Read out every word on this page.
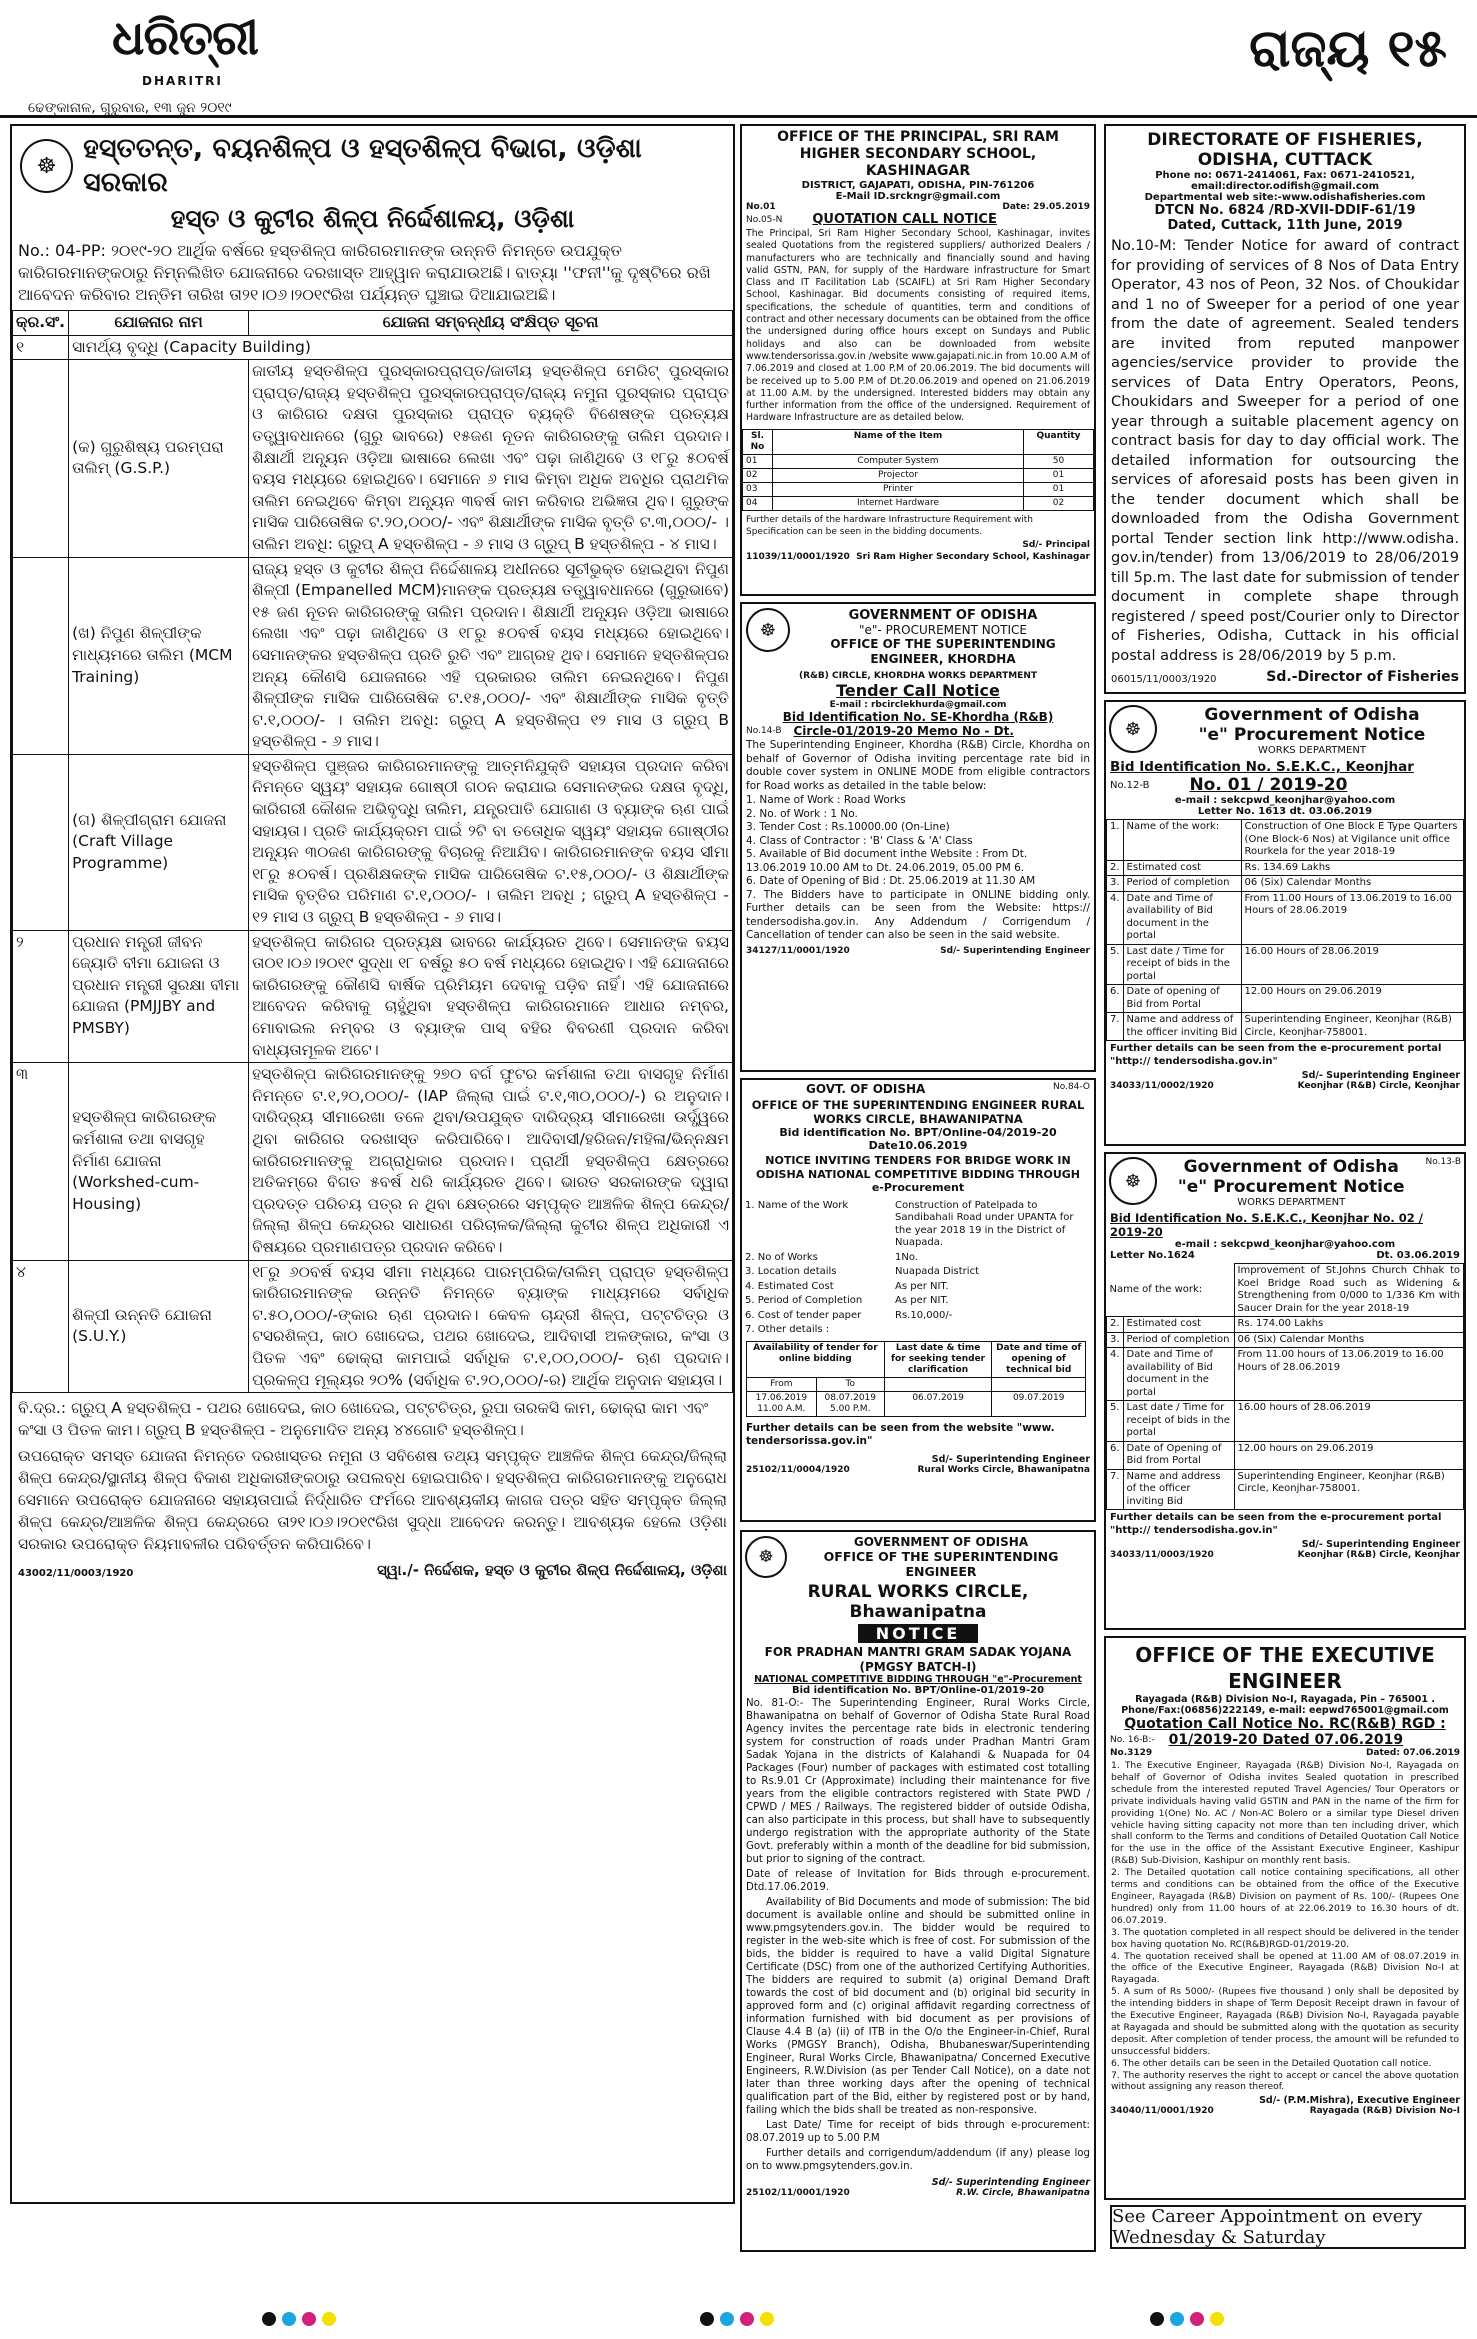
ଧରିତ୍ରୀ
DHARITRI
ଢେଙ୍କାନାଳ, ଗୁରୁବାର, ୧୩ ଜୁନ ୨୦୧୯
ରାଜ୍ୟ ୧୫
☸
ହସ୍ତତନ୍ତ, ବୟନଶିଳ୍ପ ଓ ହସ୍ତଶିଳ୍ପ ବିଭାଗ, ଓଡ଼ିଶା ସରକାର
ହସ୍ତ ଓ କୁଟୀର ଶିଳ୍ପ ନିର୍ଦ୍ଦେଶାଳୟ, ଓଡ଼ିଶା
No.: 04-PP: ୨୦୧୯-୨୦ ଆର୍ଥିକ ବର୍ଷରେ ହସ୍ତଶିଳ୍ପ କାରିଗରମାନଙ୍କ ଉନ୍ନତି ନିମନ୍ତେ ଉପଯୁକ୍ତ କାରିଗରମାନଙ୍କଠାରୁ ନିମ୍ନଲିଖିତ ଯୋଜନାରେ ଦରଖାସ୍ତ ଆହ୍ୱାନ କରାଯାଉଅଛି। ବାତ୍ୟା ''ଫନୀ''କୁ ଦୃଷ୍ଟିରେ ରଖି ଆବେଦନ କରିବାର ଅନ୍ତିମ ତାରିଖ ତା୨୧।୦୬।୨୦୧୯ରିଖ ପର୍ଯ୍ୟନ୍ତ ଘୁଞ୍ଚାଇ ଦିଆଯାଇଅଛି।
କ୍ର.ସଂ.	ଯୋଜନାର ନାମ	ଯୋଜନା ସମ୍ବନ୍ଧୀୟ ସଂକ୍ଷିପ୍ତ ସୂଚନା
୧	ସାମର୍ଥ୍ୟ ବୃଦ୍ଧି (Capacity Building)	
	(କ) ଗୁରୁଶିଷ୍ୟ ପରମ୍ପରା ତାଲିମ୍ (G.S.P.)	ଜାତୀୟ ହସ୍ତଶିଳ୍ପ ପୁରସ୍କାରପ୍ରାପ୍ତ/ଜାତୀୟ ହସ୍ତଶିଳ୍ପ ମେରିଟ୍ ପୁରସ୍କାର ପ୍ରାପ୍ତ/ରାଜ୍ୟ ହସ୍ତଶିଳ୍ପ ପୁରସ୍କାରପ୍ରାପ୍ତ/ରାଜ୍ୟ ନମୁନା ପୁରସ୍କାର ପ୍ରାପ୍ତ ଓ କାରିଗର ଦକ୍ଷତା ପୁରସ୍କାର ପ୍ରାପ୍ତ ବ୍ୟକ୍ତି ବିଶେଷଙ୍କ ପ୍ରତ୍ୟକ୍ଷ ତତ୍ତ୍ୱାବଧାନରେ (ଗୁରୁ ଭାବରେ) ୧୫ଜଣ ନୂତନ କାରିଗରଙ୍କୁ ତାଲିମ ପ୍ରଦାନ। ଶିକ୍ଷାର୍ଥୀ ଅନ୍ୟୂନ ଓଡ଼ିଆ ଭାଷାରେ ଲେଖା ଏବଂ ପଢ଼ା ଜାଣିଥିବେ ଓ ୧୮ରୁ ୫୦ବର୍ଷ ବୟସ ମଧ୍ୟରେ ହୋଇଥିବେ। ସେମାନେ ୬ ମାସ କିମ୍ବା ଅଧିକ ଅବଧିର ପ୍ରାଥମିକ ତାଲିମ ନେଇଥିବେ କିମ୍ବା ଅନ୍ୟୂନ ୩ବର୍ଷ କାମ କରିବାର ଅଭିଜ୍ଞତା ଥିବ। ଗୁରୁଙ୍କ ମାସିକ ପାରିତୋଷିକ ଟ.୨୦,୦୦୦/- ଏବଂ ଶିକ୍ଷାର୍ଥୀଙ୍କ ମାସିକ ବୃତ୍ତି ଟ.୩,୦୦୦/- । ତାଲିମ ଅବଧି: ଗ୍ରୁପ୍ A ହସ୍ତଶିଳ୍ପ - ୬ ମାସ ଓ ଗ୍ରୁପ୍ B ହସ୍ତଶିଳ୍ପ - ୪ ମାସ।
	(ଖ) ନିପୁଣ ଶିଳ୍ପୀଙ୍କ ମାଧ୍ୟମରେ ତାଲିମ (MCM Training)	ରାଜ୍ୟ ହସ୍ତ ଓ କୁଟୀର ଶିଳ୍ପ ନିର୍ଦ୍ଦେଶାଳୟ ଅଧୀନରେ ସୂଚୀଭୁକ୍ତ ହୋଇଥିବା ନିପୁଣ ଶିଳ୍ପୀ (Empanelled MCM)ମାନଙ୍କ ପ୍ରତ୍ୟକ୍ଷ ତତ୍ତ୍ୱାବଧାନରେ (ଗୁରୁଭାବେ) ୧୫ ଜଣ ନୂତନ କାରିଗରଙ୍କୁ ତାଲିମ ପ୍ରଦାନ। ଶିକ୍ଷାର୍ଥୀ ଅନ୍ୟୂନ ଓଡ଼ିଆ ଭାଷାରେ ଲେଖା ଏବଂ ପଢ଼ା ଜାଣିଥିବେ ଓ ୧୮ରୁ ୫୦ବର୍ଷ ବୟସ ମଧ୍ୟରେ ହୋଇଥିବେ। ସେମାନଙ୍କର ହସ୍ତଶିଳ୍ପ ପ୍ରତି ରୁଚି ଏବଂ ଆଗ୍ରହ ଥିବ। ସେମାନେ ହସ୍ତଶିଳ୍ପର ଅନ୍ୟ କୌଣସି ଯୋଜନାରେ ଏହି ପ୍ରକାରର ତାଲିମ ନେଇନଥିବେ। ନିପୁଣ ଶିଳ୍ପୀଙ୍କ ମାସିକ ପାରିତୋଷିକ ଟ.୧୫,୦୦୦/- ଏବଂ ଶିକ୍ଷାର୍ଥୀଙ୍କ ମାସିକ ବୃତ୍ତି ଟ.୧,୦୦୦/- । ତାଲିମ ଅବଧି: ଗ୍ରୁପ୍ A ହସ୍ତଶିଳ୍ପ ୧୨ ମାସ ଓ ଗ୍ରୁପ୍ B ହସ୍ତଶିଳ୍ପ - ୬ ମାସ।
	(ଗ) ଶିଳ୍ପୀଗ୍ରାମ ଯୋଜନା (Craft Village Programme)	ହସ୍ତଶିଳ୍ପ ପୁଞ୍ଜର କାରିଗରମାନଙ୍କୁ ଆତ୍ମନିଯୁକ୍ତି ସହାୟତା ପ୍ରଦାନ କରିବା ନିମନ୍ତେ ସ୍ୱୟଂ ସହାୟକ ଗୋଷ୍ଠୀ ଗଠନ କରାଯାଇ ସେମାନଙ୍କର ଦକ୍ଷତା ବୃଦ୍ଧି, କାରିଗରୀ କୌଶଳ ଅଭିବୃଦ୍ଧି ତାଲିମ, ଯନ୍ତ୍ରପାତି ଯୋଗାଣ ଓ ବ୍ୟାଙ୍କ ଋଣ ପାଇଁ ସହାୟତା। ପ୍ରତି କାର୍ଯ୍ୟକ୍ରମ ପାଇଁ ୨ଟି ବା ତତୋଧିକ ସ୍ୱୟଂ ସହାୟକ ଗୋଷ୍ଠୀର ଅନ୍ୟୂନ ୩୦ଜଣ କାରିଗରଙ୍କୁ ବିଚାରକୁ ନିଆଯିବ। କାରିଗରମାନଙ୍କ ବୟସ ସୀମା ୧୮ରୁ ୫୦ବର୍ଷ। ପ୍ରଶିକ୍ଷକଙ୍କ ମାସିକ ପାରିତୋଷିକ ଟ.୧୫,୦୦୦/- ଓ ଶିକ୍ଷାର୍ଥୀଙ୍କ ମାସିକ ବୃତ୍ତିର ପରିମାଣ ଟ.୧,୦୦୦/- । ତାଲିମ ଅବଧି ; ଗ୍ରୁପ୍ A ହସ୍ତଶିଳ୍ପ - ୧୨ ମାସ ଓ ଗ୍ରୁପ୍ B ହସ୍ତଶିଳ୍ପ - ୬ ମାସ।
୨	ପ୍ରଧାନ ମନ୍ତ୍ରୀ ଜୀବନ ଜ୍ୟୋତି ବୀମା ଯୋଜନା ଓ ପ୍ରଧାନ ମନ୍ତ୍ରୀ ସୁରକ୍ଷା ବୀମା ଯୋଜନା (PMJJBY and PMSBY)	ହସ୍ତଶିଳ୍ପ କାରିଗର ପ୍ରତ୍ୟକ୍ଷ ଭାବରେ କାର୍ଯ୍ୟରତ ଥିବେ। ସେମାନଙ୍କ ବୟସ ତା୦୧।୦୬।୨୦୧୯ ସୁଦ୍ଧା ୧୮ ବର୍ଷରୁ ୫୦ ବର୍ଷ ମଧ୍ୟରେ ହୋଇଥିବ। ଏହି ଯୋଜନାରେ କାରିଗରଙ୍କୁ କୌଣସି ବାର୍ଷିକ ପ୍ରିମିୟମ ଦେବାକୁ ପଡ଼ିବ ନାହିଁ। ଏହି ଯୋଜନାରେ ଆବେଦନ କରିବାକୁ ଚାହୁଁଥିବା ହସ୍ତଶିଳ୍ପ କାରିଗରମାନେ ଆଧାର ନମ୍ବର, ମୋବାଇଲ ନମ୍ବର ଓ ବ୍ୟାଙ୍କ ପାସ୍ ବହିର ବିବରଣୀ ପ୍ରଦାନ କରିବା ବାଧ୍ୟତାମୂଳକ ଅଟେ।
୩	ହସ୍ତଶିଳ୍ପ କାରିଗରଙ୍କ କର୍ମଶାଳା ତଥା ବାସଗୃହ ନିର୍ମାଣ ଯୋଜନା (Workshed-cum-Housing)	ହସ୍ତଶିଳ୍ପ କାରିଗରମାନଙ୍କୁ ୨୭୦ ବର୍ଗ ଫୁଟର କର୍ମଶାଳା ତଥା ବାସଗୃହ ନିର୍ମାଣ ନିମନ୍ତେ ଟ.୧,୨୦,୦୦୦/- (IAP ଜିଲ୍ଲା ପାଇଁ ଟ.୧,୩୦,୦୦୦/-) ର ଅନୁଦାନ। ଦାରିଦ୍ର୍ୟ ସୀମାରେଖା ତଳେ ଥିବା/ଉପଯୁକ୍ତ ଦାରିଦ୍ର୍ୟ ସୀମାରେଖା ଉର୍ଦ୍ଧ୍ୱରେ ଥିବା କାରିଗର ଦରଖାସ୍ତ କରିପାରିବେ। ଆଦିବାସୀ/ହରିଜନ/ମହିଳା/ଭିନ୍ନକ୍ଷମ କାରିଗରମାନଙ୍କୁ ଅଗ୍ରାଧିକାର ପ୍ରଦାନ। ପ୍ରାର୍ଥୀ ହସ୍ତଶିଳ୍ପ କ୍ଷେତ୍ରରେ ଅତିକମ୍‌ରେ ବିଗତ ୫ବର୍ଷ ଧରି କାର୍ଯ୍ୟରତ ଥିବେ। ଭାରତ ସରକାରଙ୍କ ଦ୍ୱାରା ପ୍ରଦତ୍ତ ପରିଚୟ ପତ୍ର ନ ଥିବା କ୍ଷେତ୍ରରେ ସମ୍ପୃକ୍ତ ଆଞ୍ଚଳିକ ଶିଳ୍ପ କେନ୍ଦ୍ର/ଜିଲ୍ଲା ଶିଳ୍ପ କେନ୍ଦ୍ରର ସାଧାରଣ ପରିଚାଳକ/ଜିଲ୍ଲା କୁଟୀର ଶିଳ୍ପ ଅଧିକାରୀ ଏ ବିଷୟରେ ପ୍ରମାଣପତ୍ର ପ୍ରଦାନ କରିବେ।
୪	ଶିଳ୍ପୀ ଉନ୍ନତି ଯୋଜନା (S.U.Y.)	୧୮ରୁ ୬୦ବର୍ଷ ବୟସ ସୀମା ମଧ୍ୟରେ ପାରମ୍ପରିକ/ତାଲିମ୍ ପ୍ରାପ୍ତ ହସ୍ତଶିଳ୍ପ କାରିଗରମାନଙ୍କ ଉନ୍ନତି ନିମନ୍ତେ ବ୍ୟାଙ୍କ ମାଧ୍ୟମରେ ସର୍ବାଧିକ ଟ.୫୦,୦୦୦/-ଙ୍କାର ଋଣ ପ୍ରଦାନ। କେବଳ ଚାନ୍ଦ୍ରୀ ଶିଳ୍ପ, ପଟ୍ଟଚିତ୍ର ଓ ଟସରଶିଳ୍ପ, କାଠ ଖୋଦେଇ, ପଥର ଖୋଦେଇ, ଆଦିବାସୀ ଅଳଙ୍କାର, କଂସା ଓ ପିତଳ ଏବଂ ଢୋକ୍ରା କାମପାଇଁ ସର୍ବାଧିକ ଟ.୧,୦୦,୦୦୦/- ଋଣ ପ୍ରଦାନ। ପ୍ରକଳ୍ପ ମୂଲ୍ୟର ୨୦% (ସର୍ବାଧିକ ଟ.୨୦,୦୦୦/-ର) ଆର୍ଥିକ ଅନୁଦାନ ସହାୟତା।
ବି.ଦ୍ର.: ଗ୍ରୁପ୍ A ହସ୍ତଶିଳ୍ପ - ପଥର ଖୋଦେଇ, କାଠ ଖୋଦେଇ, ପଟ୍ଟଚିତ୍ର, ରୁପା ତାରକସି କାମ, ଢୋକ୍ରା କାମ ଏବଂ କଂସା ଓ ପିତଳ କାମ। ଗ୍ରୁପ୍ B ହସ୍ତଶିଳ୍ପ - ଅନୁମୋଦିତ ଅନ୍ୟ ୪୪ଗୋଟି ହସ୍ତଶିଳ୍ପ।
ଉପରୋକ୍ତ ସମସ୍ତ ଯୋଜନା ନିମନ୍ତେ ଦରଖାସ୍ତର ନମୁନା ଓ ସବିଶେଷ ତଥ୍ୟ ସମ୍ପୃକ୍ତ ଆଞ୍ଚଳିକ ଶିଳ୍ପ କେନ୍ଦ୍ର/ଜିଲ୍ଲା ଶିଳ୍ପ କେନ୍ଦ୍ର/ସ୍ଥାନୀୟ ଶିଳ୍ପ ବିକାଶ ଅଧିକାରୀଙ୍କଠାରୁ ଉପଲବ୍ଧ ହୋଇପାରିବ। ହସ୍ତଶିଳ୍ପ କାରିଗରମାନଙ୍କୁ ଅନୁରୋଧ ସେମାନେ ଉପରୋକ୍ତ ଯୋଜନାରେ ସହାୟତାପାଇଁ ନିର୍ଦ୍ଧାରିତ ଫର୍ମରେ ଆବଶ୍ୟକୀୟ କାଗଜ ପତ୍ର ସହିତ ସମ୍ପୃକ୍ତ ଜିଲ୍ଲା ଶିଳ୍ପ କେନ୍ଦ୍ର/ଆଞ୍ଚଳିକ ଶିଳ୍ପ କେନ୍ଦ୍ରରେ ତା୨୧।୦୬।୨୦୧୯ରିଖ ସୁଦ୍ଧା ଆବେଦନ କରନ୍ତୁ। ଆବଶ୍ୟକ ହେଲେ ଓଡ଼ିଶା ସରକାର ଉପରୋକ୍ତ ନିୟମାବଳୀର ପରିବର୍ତ୍ତନ କରିପାରିବେ।
43002/11/0003/1920	ସ୍ୱା./- ନିର୍ଦ୍ଦେଶକ, ହସ୍ତ ଓ କୁଟୀର ଶିଳ୍ପ ନିର୍ଦ୍ଦେଶାଳୟ, ଓଡ଼ିଶା
OFFICE OF THE PRINCIPAL, SRI RAM HIGHER SECONDARY SCHOOL, KASHINAGAR
DISTRICT, GAJAPATI, ODISHA, PIN-761206
E-Mail ID.srckngr@gmail.com
No.01	Date: 29.05.2019
No.05-N QUOTATION CALL NOTICE
The Principal, Sri Ram Higher Secondary School, Kashinagar, invites sealed Quotations from the registered suppliers/ authorized Dealers / manufacturers who are technically and financially sound and having valid GSTN, PAN, for supply of the Hardware infrastructure for Smart Class and IT Facilitation Lab (SCAIFL) at Sri Ram Higher Secondary School, Kashinagar. Bid documents consisting of required items, specifications, the schedule of quantities, term and conditions of contract and other necessary documents can be obtained from the office the undersigned during office hours except on Sundays and Public holidays and also can be downloaded from website www.tendersorissa.gov.in /website www.gajapati.nic.in from 10.00 A.M of 7.06.2019 and closed at 1.00 P.M of 20.06.2019. The bid documents will be received up to 5.00 P.M of Dt.20.06.2019 and opened on 21.06.2019 at 11.00 A.M. by the undersigned. Interested bidders may obtain any further information from the office of the undersigned. Requirement of Hardware Infrastructure are as detailed below.
Sl. No	Name of the Item	Quantity
01	Computer System	50
02	Projector	01
03	Printer	01
04	Internet Hardware	02
Further details of the hardware Infrastructure Requirement with Specification can be seen in the bidding documents.
Sd/- Principal
11039/11/0001/1920 Sri Ram Higher Secondary School, Kashinagar
☸
GOVERNMENT OF ODISHA
"e"- PROCUREMENT NOTICE
OFFICE OF THE SUPERINTENDING ENGINEER, KHORDHA
(R&B) CIRCLE, KHORDHA WORKS DEPARTMENT
Tender Call Notice
E-mail : rbcirclekhurda@gmail.com
Bid Identification No. SE-Khordha (R&B)
No.14-B Circle-01/2019-20 Memo No - Dt.
The Superintending Engineer, Khordha (R&B) Circle, Khordha on behalf of Governor of Odisha inviting percentage rate bid in double cover system in ONLINE MODE from eligible contractors for Road works as detailed in the table below:
1. Name of Work : Road Works
2. No. of Work : 1 No.
3. Tender Cost : Rs.10000.00 (On-Line)
4. Class of Contractor : 'B' Class & 'A' Class
5. Available of Bid document inthe Website : From Dt. 13.06.2019 10.00 AM to Dt. 24.06.2019, 05.00 PM 6.
6. Date of Opening of Bid : Dt. 25.06.2019 at 11.30 AM
7. The Bidders have to participate in ONLINE bidding only. Further details can be seen from the Website: https:// tendersodisha.gov.in. Any Addendum / Corrigendum / Cancellation of tender can also be seen in the said website.
34127/11/0001/1920	Sd/- Superintending Engineer
GOVT. OF ODISHA	No.84-O
OFFICE OF THE SUPERINTENDING ENGINEER RURAL WORKS CIRCLE, BHAWANIPATNA
Bid identification No. BPT/Online-04/2019-20 Date10.06.2019
NOTICE INVITING TENDERS FOR BRIDGE WORK IN ODISHA NATIONAL COMPETITIVE BIDDING THROUGH e-Procurement
1. Name of the Work	Construction of Patelpada to Sandibahali Road under UPANTA for the year 2018 19 in the District of Nuapada.
2. No of Works	1No.
3. Location details	Nuapada District
4. Estimated Cost	As per NIT.
5. Period of Completion	As per NIT.
6. Cost of tender paper	Rs.10,000/-
7. Other details :	
Availability of tender for online bidding		Last date & time for seeking tender clarification	Date and time of opening of technical bid
From	To		
17.06.2019 11.00 A.M.	08.07.2019 5.00 P.M.	06.07.2019	09.07.2019
Further details can be seen from the website "www. tendersorissa.gov.in"
Sd/- Superintending Engineer
25102/11/0004/1920	Rural Works Circle, Bhawanipatna
☸
GOVERNMENT OF ODISHA
OFFICE OF THE SUPERINTENDING ENGINEER
RURAL WORKS CIRCLE, Bhawanipatna
NOTICE
FOR PRADHAN MANTRI GRAM SADAK YOJANA (PMGSY BATCH-I)
NATIONAL COMPETITIVE BIDDING THROUGH "e"-Procurement
Bid identification No. BPT/Online-01/2019-20
No. 81-O:- The Superintending Engineer, Rural Works Circle, Bhawanipatna on behalf of Governor of Odisha State Rural Road Agency invites the percentage rate bids in electronic tendering system for construction of roads under Pradhan Mantri Gram Sadak Yojana in the districts of Kalahandi & Nuapada for 04 Packages (Four) number of packages with estimated cost totalling to Rs.9.01 Cr (Approximate) including their maintenance for five years from the eligible contractors registered with State PWD / CPWD / MES / Railways. The registered bidder of outside Odisha, can also participate in this process, but shall have to subsequently undergo registration with the appropriate authority of the State Govt. preferably within a month of the deadline for bid submission, but prior to signing of the contract.
Date of release of Invitation for Bids through e-procurement. Dtd.17.06.2019.
Availability of Bid Documents and mode of submission: The bid document is available online and should be submitted online in www.pmgsytenders.gov.in. The bidder would be required to register in the web-site which is free of cost. For submission of the bids, the bidder is required to have a valid Digital Signature Certificate (DSC) from one of the authorized Certifying Authorities. The bidders are required to submit (a) original Demand Draft towards the cost of bid document and (b) original bid security in approved form and (c) original affidavit regarding correctness of information furnished with bid document as per provisions of Clause 4.4 B (a) (ii) of ITB in the O/o the Engineer-in-Chief, Rural Works (PMGSY Branch), Odisha, Bhubaneswar/Superintending Engineer, Rural Works Circle, Bhawanipatna/ Concerned Executive Engineers, R.W.Division (as per Tender Call Notice), on a date not later than three working days after the opening of technical qualification part of the Bid, either by registered post or by hand, failing which the bids shall be treated as non-responsive.
Last Date/ Time for receipt of bids through e-procurement: 08.07.2019 up to 5.00 P.M
Further details and corrigendum/addendum (if any) please log on to www.pmgsytenders.gov.in.
Sd/- Superintending Engineer
25102/11/0001/1920	R.W. Circle, Bhawanipatna
DIRECTORATE OF FISHERIES, ODISHA, CUTTACK
Phone no: 0671-2414061, Fax: 0671-2410521,
email:director.odifish@gmail.com
Departmental web site:-www.odishafisheries.com
DTCN No. 6824 /RD-XVII-DDIF-61/19
Dated, Cuttack, 11th June, 2019
No.10-M: Tender Notice for award of contract for providing of services of 8 Nos of Data Entry Operator, 43 nos of Peon, 32 Nos. of Choukidar and 1 no of Sweeper for a period of one year from the date of agreement. Sealed tenders are invited from reputed manpower agencies/service provider to provide the services of Data Entry Operators, Peons, Choukidars and Sweeper for a period of one year through a suitable placement agency on contract basis for day to day official work. The detailed information for outsourcing the services of aforesaid posts has been given in the tender document which shall be downloaded from the Odisha Government portal Tender section link http://www.odisha. gov.in/tender) from 13/06/2019 to 28/06/2019 till 5p.m. The last date for submission of tender document in complete shape through registered / speed post/Courier only to Director of Fisheries, Odisha, Cuttack in his official postal address is 28/06/2019 by 5 p.m.
06015/11/0003/1920	Sd.-Director of Fisheries
☸
Government of Odisha
"e" Procurement Notice
WORKS DEPARTMENT
Bid Identification No. S.E.K.C., Keonjhar
No.12-B No. 01 / 2019-20
e-mail : sekcpwd_keonjhar@yahoo.com
Letter No. 1613 dt. 03.06.2019
1.	Name of the work:	Construction of One Block E Type Quarters (One Block-6 Nos) at Vigilance unit office Rourkela for the year 2018-19
2.	Estimated cost	Rs. 134.69 Lakhs
3.	Period of completion	06 (Six) Calendar Months
4.	Date and Time of availability of Bid document in the portal	From 11.00 Hours of 13.06.2019 to 16.00 Hours of 28.06.2019
5.	Last date / Time for receipt of bids in the portal	16.00 Hours of 28.06.2019
6.	Date of opening of Bid from Portal	12.00 Hours on 29.06.2019
7.	Name and address of the officer inviting Bid	Superintending Engineer, Keonjhar (R&B) Circle, Keonjhar-758001.
Further details can be seen from the e-procurement portal "http:// tendersodisha.gov.in"
Sd/- Superintending Engineer
34033/11/0002/1920	Keonjhar (R&B) Circle, Keonjhar
☸
Government of Odisha
"e" Procurement Notice
WORKS DEPARTMENT
No.13-B
Bid Identification No. S.E.K.C., Keonjhar No. 02 / 2019-20
e-mail : sekcpwd_keonjhar@yahoo.com
Letter No.1624	Dt. 03.06.2019
Name of the work:		Improvement of St.Johns Church Chhak to Koel Bridge Road such as Widening & Strengthening from 0/000 to 1/336 Km with Saucer Drain for the year 2018-19
2.	Estimated cost	Rs. 174.00 Lakhs
3.	Period of completion	06 (Six) Calendar Months
4.	Date and Time of availability of Bid document in the portal	From 11.00 hours of 13.06.2019 to 16.00 Hours of 28.06.2019
5.	Last date / Time for receipt of bids in the portal	16.00 hours of 28.06.2019
6.	Date of Opening of Bid from Portal	12.00 hours on 29.06.2019
7.	Name and address of the officer inviting Bid	Superintending Engineer, Keonjhar (R&B) Circle, Keonjhar-758001.
Further details can be seen from the e-procurement portal "http:// tendersodisha.gov.in"
Sd/- Superintending Engineer
34033/11/0003/1920	Keonjhar (R&B) Circle, Keonjhar
OFFICE OF THE EXECUTIVE ENGINEER
Rayagada (R&B) Division No-I, Rayagada, Pin – 765001 .
Phone/Fax:(06856)222149, e-mail: eepwd765001@gmail.com
Quotation Call Notice No. RC(R&B) RGD :
No. 16-B:- 01/2019-20 Dated 07.06.2019
No.3129	Dated: 07.06.2019
1. The Executive Engineer, Rayagada (R&B) Division No-I, Rayagada on behalf of Governor of Odisha invites Sealed quotation in prescribed schedule from the interested reputed Travel Agencies/ Tour Operators or private individuals having valid GSTIN and PAN in the name of the firm for providing 1(One) No. AC / Non-AC Bolero or a similar type Diesel driven vehicle having sitting capacity not more than ten including driver, which shall conform to the Terms and conditions of Detailed Quotation Call Notice for the use in the office of the Assistant Executive Engineer, Kashipur (R&B) Sub-Division, Kashipur on monthly rent basis.
2. The Detailed quotation call notice containing specifications, all other terms and conditions can be obtained from the office of the Executive Engineer, Rayagada (R&B) Division on payment of Rs. 100/- (Rupees One hundred) only from 11.00 hours of at 22.06.2019 to 16.30 hours of dt. 06.07.2019.
3. The quotation completed in all respect should be delivered in the tender box having quotation No. RC(R&B)RGD-01/2019-20.
4. The quotation received shall be opened at 11.00 AM of 08.07.2019 in the office of the Executive Engineer, Rayagada (R&B) Division No-I at Rayagada.
5. A sum of Rs 5000/- (Rupees five thousand ) only shall be deposited by the intending bidders in shape of Term Deposit Receipt drawn in favour of the Executive Engineer, Rayagada (R&B) Division No-I, Rayagada payable at Rayagada and should be submitted along with the quotation as security deposit. After completion of tender process, the amount will be refunded to unsuccessful bidders.
6. The other details can be seen in the Detailed Quotation call notice.
7. The authority reserves the right to accept or cancel the above quotation without assigning any reason thereof.
Sd/- (P.M.Mishra), Executive Engineer
34040/11/0001/1920	Rayagada (R&B) Division No-I
See Career Appointment on every Wednesday & Saturday
